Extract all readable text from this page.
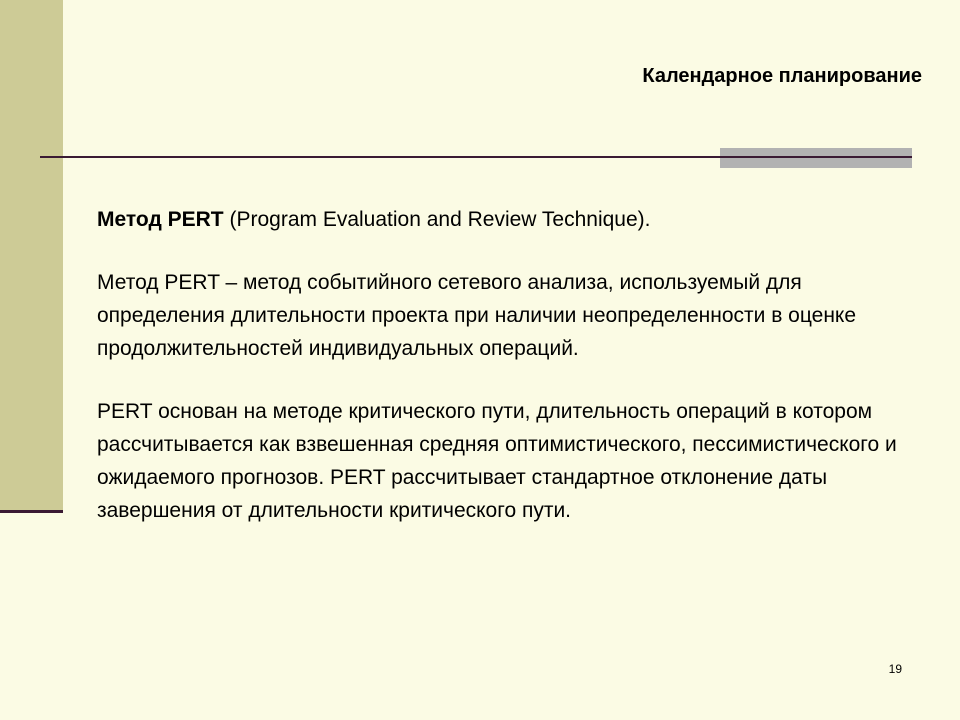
Календарное планирование

Метод PERT (Program Evaluation and Review Technique).

Метод PERT – метод событийного сетевого анализа, используемый для определения длительности проекта при наличии неопределенности в оценке продолжительностей индивидуальных операций.

PERT основан на методе критического пути, длительность операций в котором рассчитывается как взвешенная средняя оптимистического, пессимистического и ожидаемого прогнозов. PERT рассчитывает стандартное отклонение даты завершения от длительности критического пути.

19
